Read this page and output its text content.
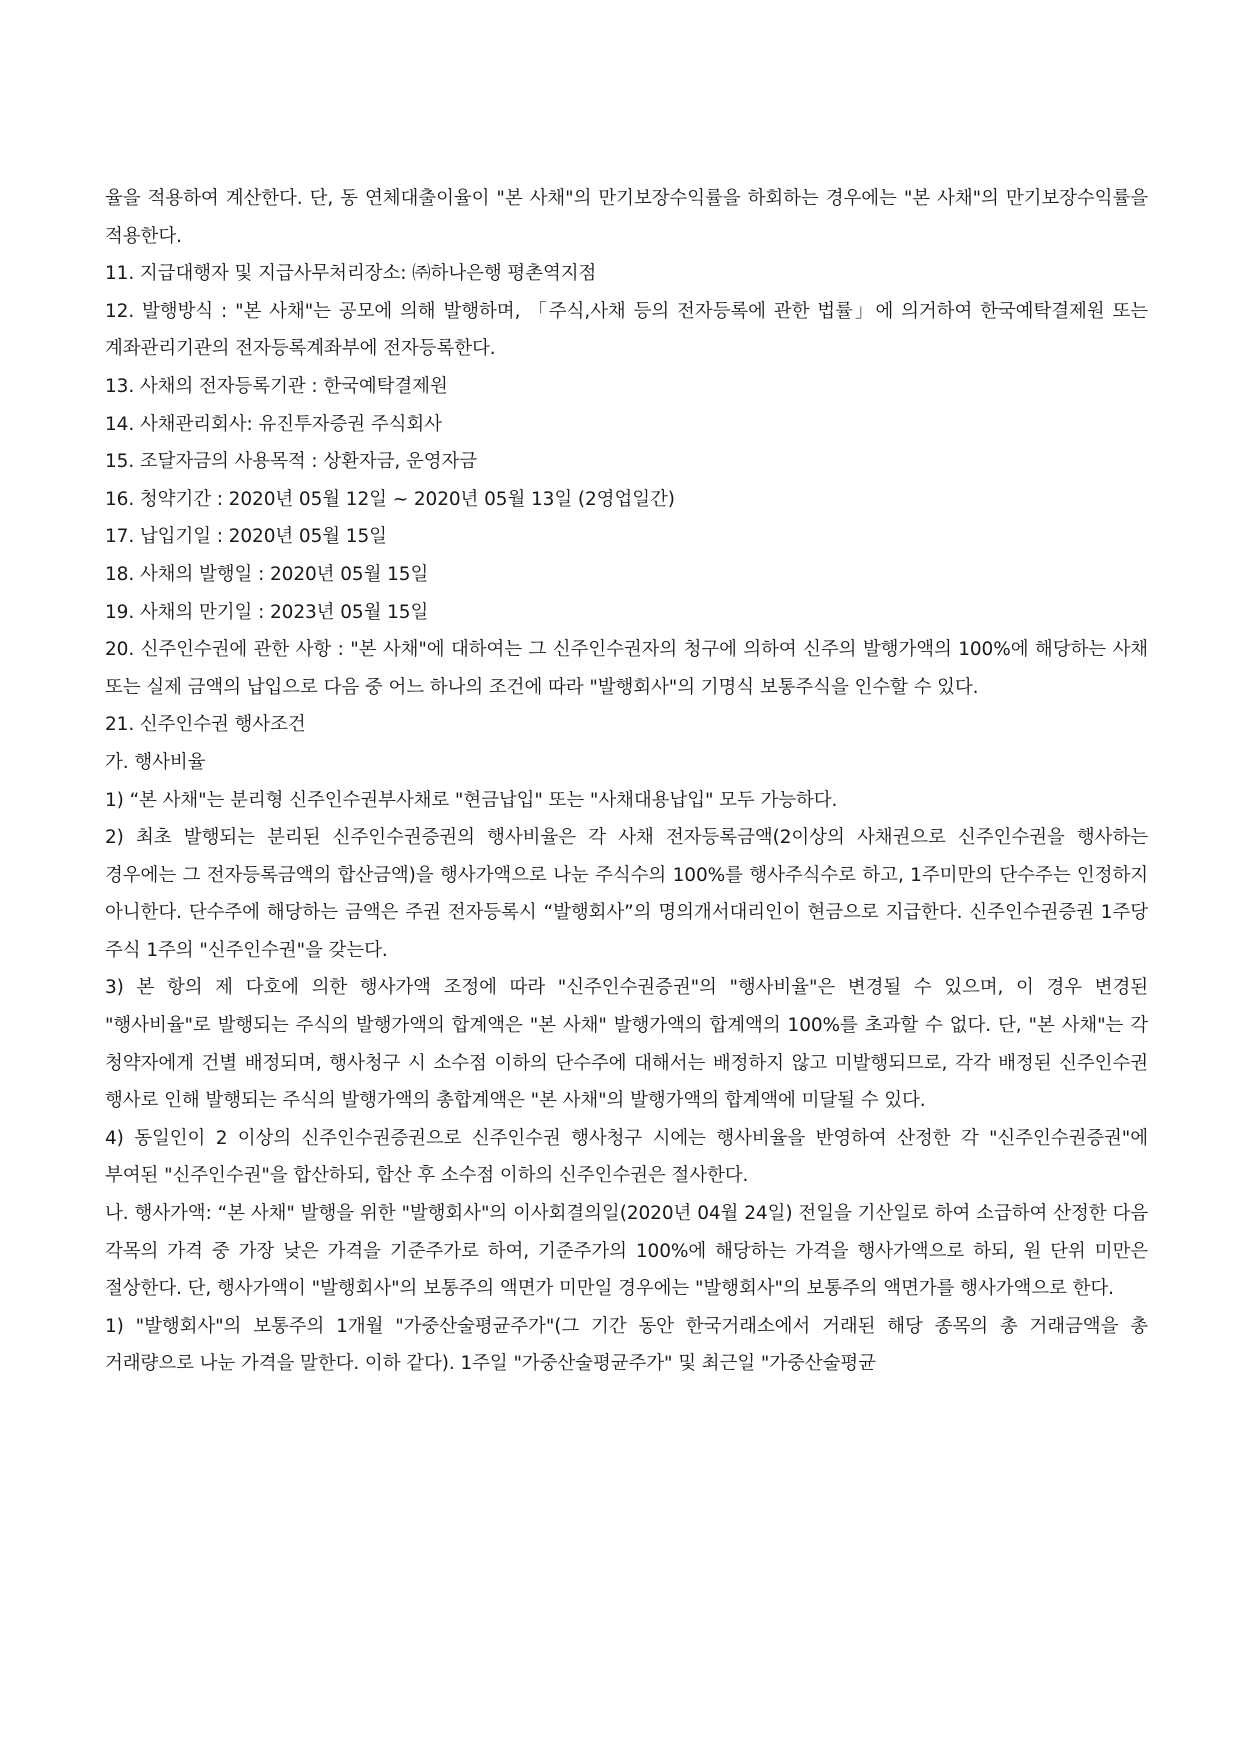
율을 적용하여 계산한다. 단, 동 연체대출이율이 "본 사채"의 만기보장수익률을 하회하는 경우에는 "본 사채"의 만기보장수익률을 적용한다.

11. 지급대행자 및 지급사무처리장소: ㈜하나은행 평촌역지점

12. 발행방식 : "본 사채"는 공모에 의해 발행하며, 「주식,사채 등의 전자등록에 관한 법률」에 의거하여 한국예탁결제원 또는 계좌관리기관의 전자등록계좌부에 전자등록한다.

13. 사채의 전자등록기관 : 한국예탁결제원

14. 사채관리회사: 유진투자증권 주식회사

15. 조달자금의 사용목적 : 상환자금, 운영자금

16. 청약기간 : 2020년 05월 12일 ~ 2020년 05월 13일 (2영업일간)

17. 납입기일 : 2020년 05월 15일

18. 사채의 발행일 : 2020년 05월 15일

19. 사채의 만기일 : 2023년 05월 15일

20. 신주인수권에 관한 사항 : "본 사채"에 대하여는 그 신주인수권자의 청구에 의하여 신주의 발행가액의 100%에 해당하는 사채 또는 실제 금액의 납입으로 다음 중 어느 하나의 조건에 따라 "발행회사"의 기명식 보통주식을 인수할 수 있다.

21. 신주인수권 행사조건

가. 행사비율

1) “본 사채"는 분리형 신주인수권부사채로 "현금납입" 또는 "사채대용납입" 모두 가능하다.

2) 최초 발행되는 분리된 신주인수권증권의 행사비율은 각 사채 전자등록금액(2이상의 사채권으로 신주인수권을 행사하는 경우에는 그 전자등록금액의 합산금액)을 행사가액으로 나눈 주식수의 100%를 행사주식수로 하고, 1주미만의 단수주는 인정하지 아니한다. 단수주에 해당하는 금액은 주권 전자등록시 “발행회사”의 명의개서대리인이 현금으로 지급한다. 신주인수권증권 1주당 주식 1주의 "신주인수권"을 갖는다.

3) 본 항의 제 다호에 의한 행사가액 조정에 따라 "신주인수권증권"의 "행사비율"은 변경될 수 있으며, 이 경우 변경된 "행사비율"로 발행되는 주식의 발행가액의 합계액은 "본 사채" 발행가액의 합계액의 100%를 초과할 수 없다. 단, "본 사채"는 각 청약자에게 건별 배정되며, 행사청구 시 소수점 이하의 단수주에 대해서는 배정하지 않고 미발행되므로, 각각 배정된 신주인수권 행사로 인해 발행되는 주식의 발행가액의 총합계액은 "본 사채"의 발행가액의 합계액에 미달될 수 있다.

4) 동일인이 2 이상의 신주인수권증권으로 신주인수권 행사청구 시에는 행사비율을 반영하여 산정한 각 "신주인수권증권"에 부여된 "신주인수권"을 합산하되, 합산 후 소수점 이하의 신주인수권은 절사한다.

나. 행사가액: “본 사채" 발행을 위한 "발행회사"의 이사회결의일(2020년 04월 24일) 전일을 기산일로 하여 소급하여 산정한 다음 각목의 가격 중 가장 낮은 가격을 기준주가로 하여, 기준주가의 100%에 해당하는 가격을 행사가액으로 하되, 원 단위 미만은 절상한다. 단, 행사가액이 "발행회사"의 보통주의 액면가 미만일 경우에는 "발행회사"의 보통주의 액면가를 행사가액으로 한다.

1) "발행회사"의 보통주의 1개월 "가중산술평균주가"(그 기간 동안 한국거래소에서 거래된 해당 종목의 총 거래금액을 총 거래량으로 나눈 가격을 말한다. 이하 같다). 1주일 "가중산술평균주가" 및 최근일 "가중산술평균
